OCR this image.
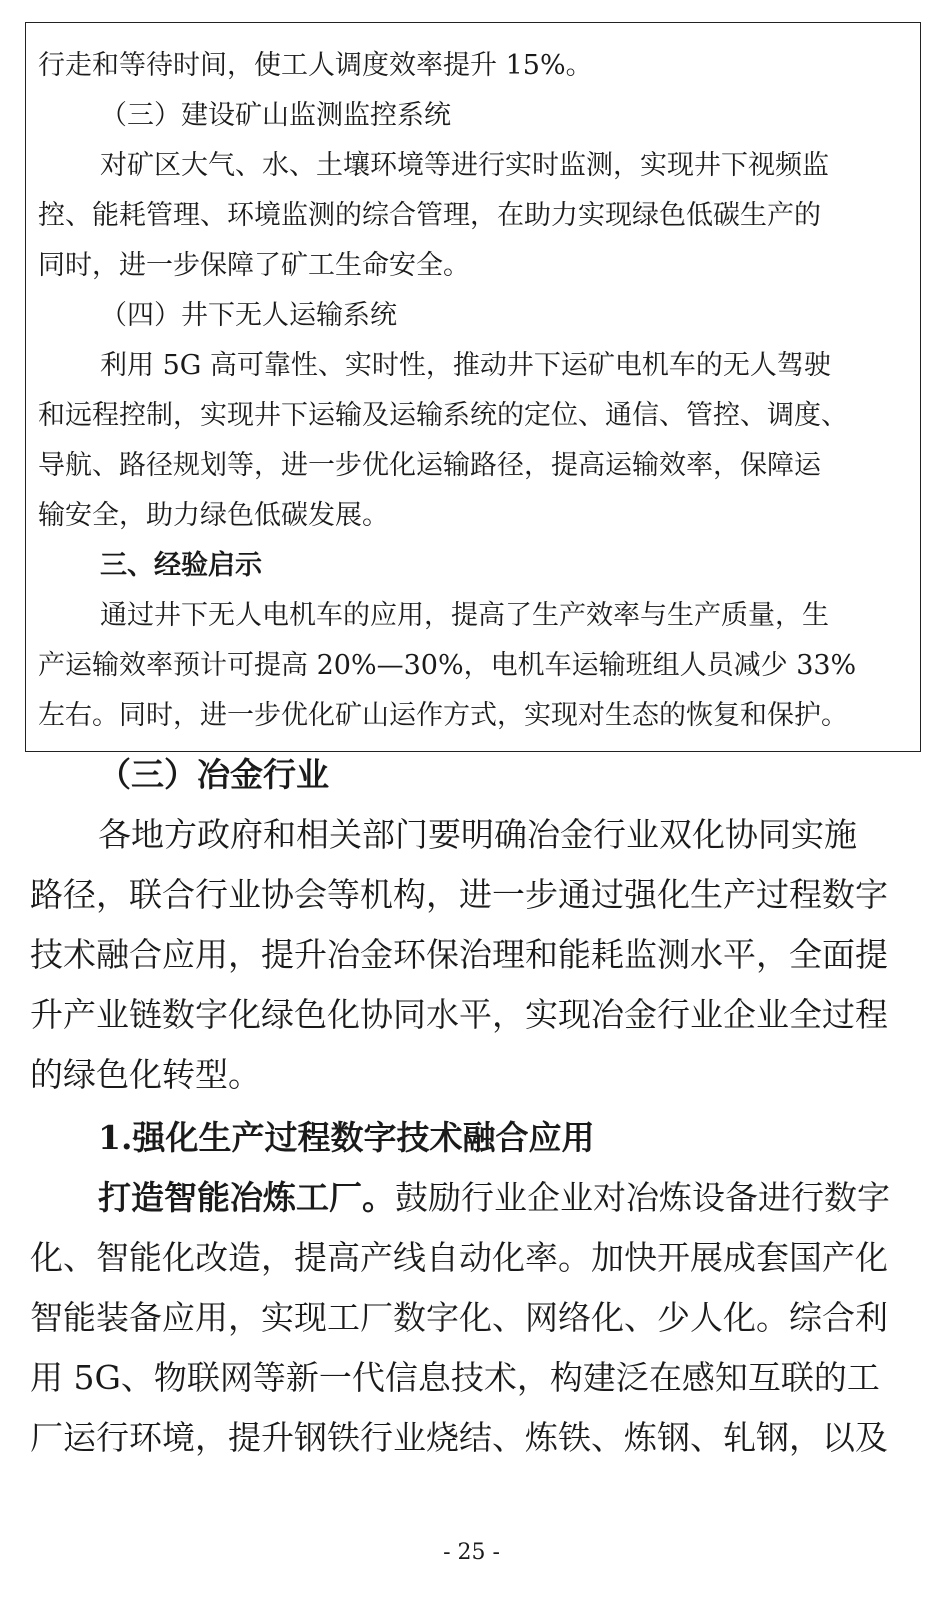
行走和等待时间，使工人调度效率提升 15%。
（三）建设矿山监测监控系统
对矿区大气、水、土壤环境等进行实时监测，实现井下视频监
控、能耗管理、环境监测的综合管理，在助力实现绿色低碳生产的
同时，进一步保障了矿工生命安全。
（四）井下无人运输系统
利用 5G 高可靠性、实时性，推动井下运矿电机车的无人驾驶
和远程控制，实现井下运输及运输系统的定位、通信、管控、调度、
导航、路径规划等，进一步优化运输路径，提高运输效率，保障运
输安全，助力绿色低碳发展。
三、经验启示
通过井下无人电机车的应用，提高了生产效率与生产质量，生
产运输效率预计可提高 20%—30%，电机车运输班组人员减少 33%
左右。同时，进一步优化矿山运作方式，实现对生态的恢复和保护。
（三）冶金行业
各地方政府和相关部门要明确冶金行业双化协同实施
路径，联合行业协会等机构，进一步通过强化生产过程数字
技术融合应用，提升冶金环保治理和能耗监测水平，全面提
升产业链数字化绿色化协同水平，实现冶金行业企业全过程
的绿色化转型。
1.强化生产过程数字技术融合应用
打造智能冶炼工厂。鼓励行业企业对冶炼设备进行数字
化、智能化改造，提高产线自动化率。加快开展成套国产化
智能装备应用，实现工厂数字化、网络化、少人化。综合利
用 5G、物联网等新一代信息技术，构建泛在感知互联的工
厂运行环境，提升钢铁行业烧结、炼铁、炼钢、轧钢，以及
- 25 -
